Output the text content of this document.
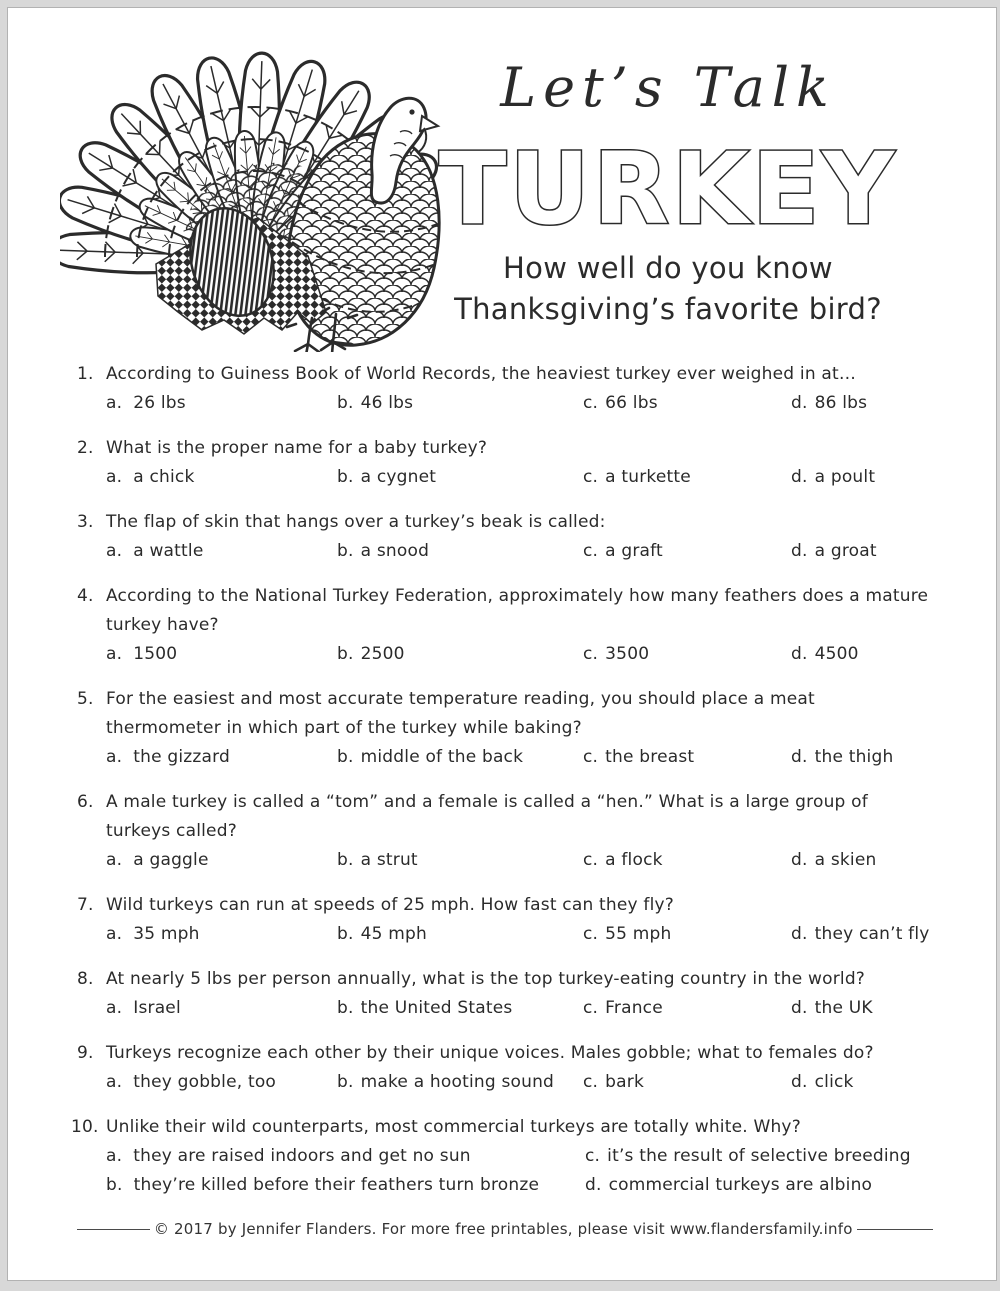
Let’s Talk
TURKEY
How well do you know
Thanksgiving’s favorite bird?
1. According to Guiness Book of World Records, the heaviest turkey ever weighed in at…
a. 26 lbs	b. 46 lbs	c. 66 lbs	d. 86 lbs
2. What is the proper name for a baby turkey?
a. a chick	b. a cygnet	c. a turkette	d. a poult
3. The flap of skin that hangs over a turkey’s beak is called:
a. a wattle	b. a snood	c. a graft	d. a groat
4. According to the National Turkey Federation, approximately how many feathers does a mature turkey have?
a. 1500	b. 2500	c. 3500	d. 4500
5. For the easiest and most accurate temperature reading, you should place a meat thermometer in which part of the turkey while baking?
a. the gizzard	b. middle of the back	c. the breast	d. the thigh
6. A male turkey is called a “tom” and a female is called a “hen.” What is a large group of turkeys called?
a. a gaggle	b. a strut	c. a flock	d. a skien
7. Wild turkeys can run at speeds of 25 mph. How fast can they fly?
a. 35 mph	b. 45 mph	c. 55 mph	d. they can’t fly
8. At nearly 5 lbs per person annually, what is the top turkey-eating country in the world?
a. Israel	b. the United States	c. France	d. the UK
9. Turkeys recognize each other by their unique voices. Males gobble; what to females do?
a. they gobble, too	b. make a hooting sound	c. bark	d. click
10. Unlike their wild counterparts, most commercial turkeys are totally white. Why?
a. they are raised indoors and get no sun
b. they’re killed before their feathers turn bronze
c. it’s the result of selective breeding
d. commercial turkeys are albino
© 2017 by Jennifer Flanders. For more free printables, please visit www.flandersfamily.info
